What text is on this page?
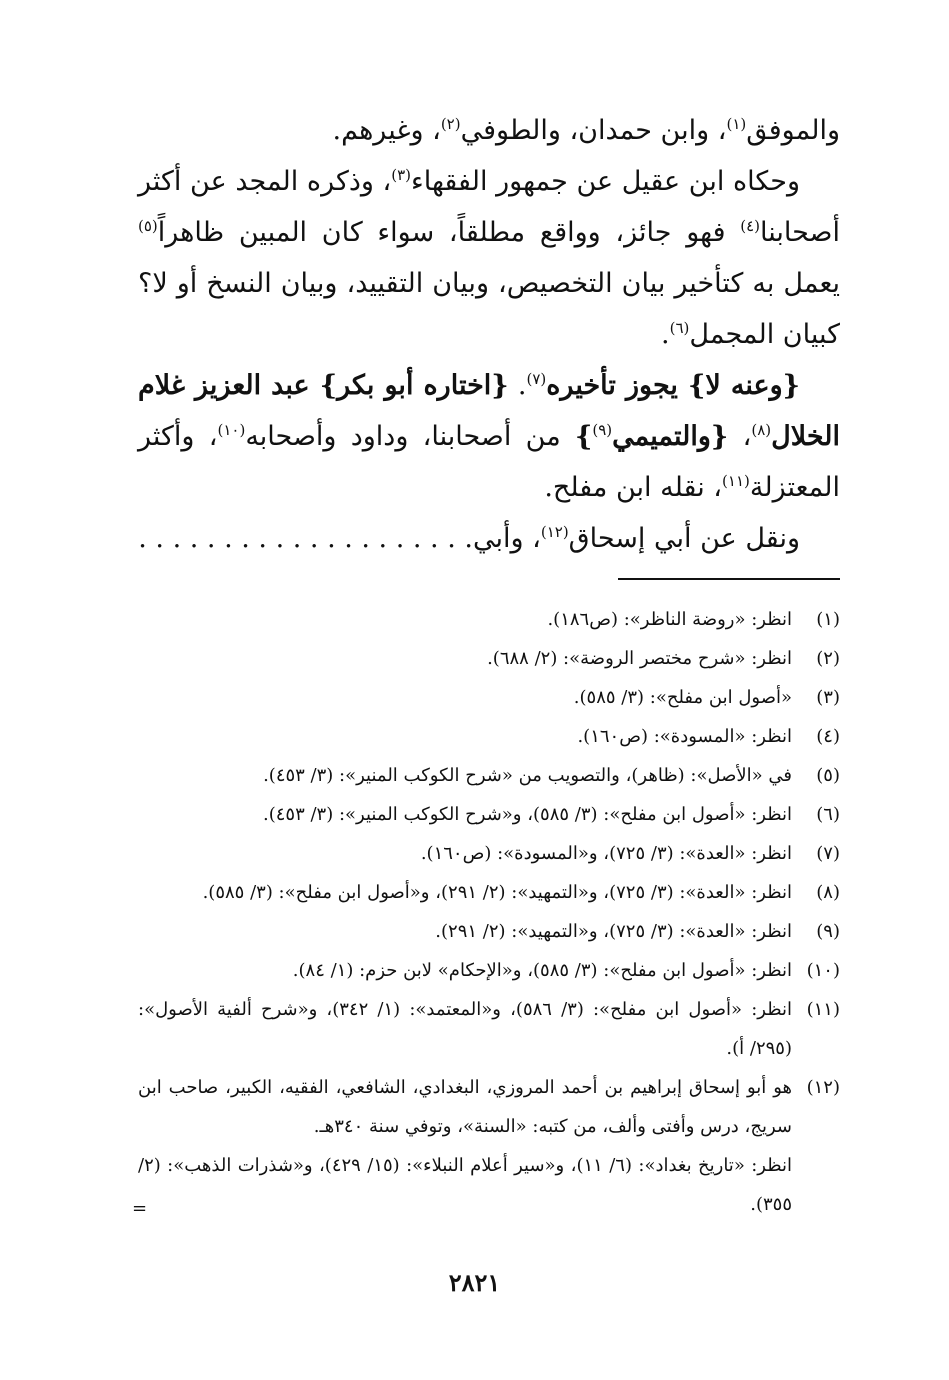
والموفق$^{(١)}$، وابن حمدان، والطوفي$^{(٢)}$، وغيرهم.

وحكاه ابن عقيل عن جمهور الفقهاء$^{(٣)}$، وذكره المجد عن أكثر أصحابنا$^{(٤)}$ فهو جائز، وواقع مطلقاً، سواء كان المبين ظاهراً$^{(٥)}$ يعمل به كتأخير بيان التخصيص، وبيان التقييد، وبيان النسخ أو لا؟ كبيان المجمل$^{(٦)}$.

{وعنه لا} يجوز تأخيره$^{(٧)}$. {اختاره أبو بكر} عبد العزيز غلام الخلال$^{(٨)}$، {والتميمي$^{(٩)}$} من أصحابنا، وداود وأصحابه$^{(١٠)}$، وأكثر المعتزلة$^{(١١)}$، نقله ابن مفلح.

ونقل عن أبي إسحاق$^{(١٢)}$، وأبي. . . . . . . . . . . . . . . . . . . .

(١)

انظر: «روضة الناظر»: (ص١٨٦).

(٢)

انظر: «شرح مختصر الروضة»: (٢/ ٦٨٨).

(٣)

«أصول ابن مفلح»: (٣/ ٥٨٥).

(٤)

انظر: «المسودة»: (ص١٦٠).

(٥)

في «الأصل»: (ظاهر)، والتصويب من «شرح الكوكب المنير»: (٣/ ٤٥٣).

(٦)

انظر: «أصول ابن مفلح»: (٣/ ٥٨٥)، و«شرح الكوكب المنير»: (٣/ ٤٥٣).

(٧)

انظر: «العدة»: (٣/ ٧٢٥)، و«المسودة»: (ص١٦٠).

(٨)

انظر: «العدة»: (٣/ ٧٢٥)، و«التمهيد»: (٢/ ٢٩١)، و«أصول ابن مفلح»: (٣/ ٥٨٥).

(٩)

انظر: «العدة»: (٣/ ٧٢٥)، و«التمهيد»: (٢/ ٢٩١).

(١٠)

انظر: «أصول ابن مفلح»: (٣/ ٥٨٥)، و«الإحكام» لابن حزم: (١/ ٨٤).

(١١)

انظر: «أصول ابن مفلح»: (٣/ ٥٨٦)، و«المعتمد»: (١/ ٣٤٢)، و«شرح ألفية الأصول»: (٢٩٥/ أ).

(١٢)

هو أبو إسحاق إبراهيم بن أحمد المروزي، البغدادي، الشافعي، الفقيه، الكبير، صاحب ابن سريج، درس وأفتى وألف، من كتبه: «السنة»، وتوفي سنة ٣٤٠هـ.

انظر: «تاريخ بغداد»: (٦/ ١١)، و«سير أعلام النبلاء»: (١٥/ ٤٢٩)، و«شذرات الذهب»: (٢/ ٣٥٥).

=
٢٨٢١
